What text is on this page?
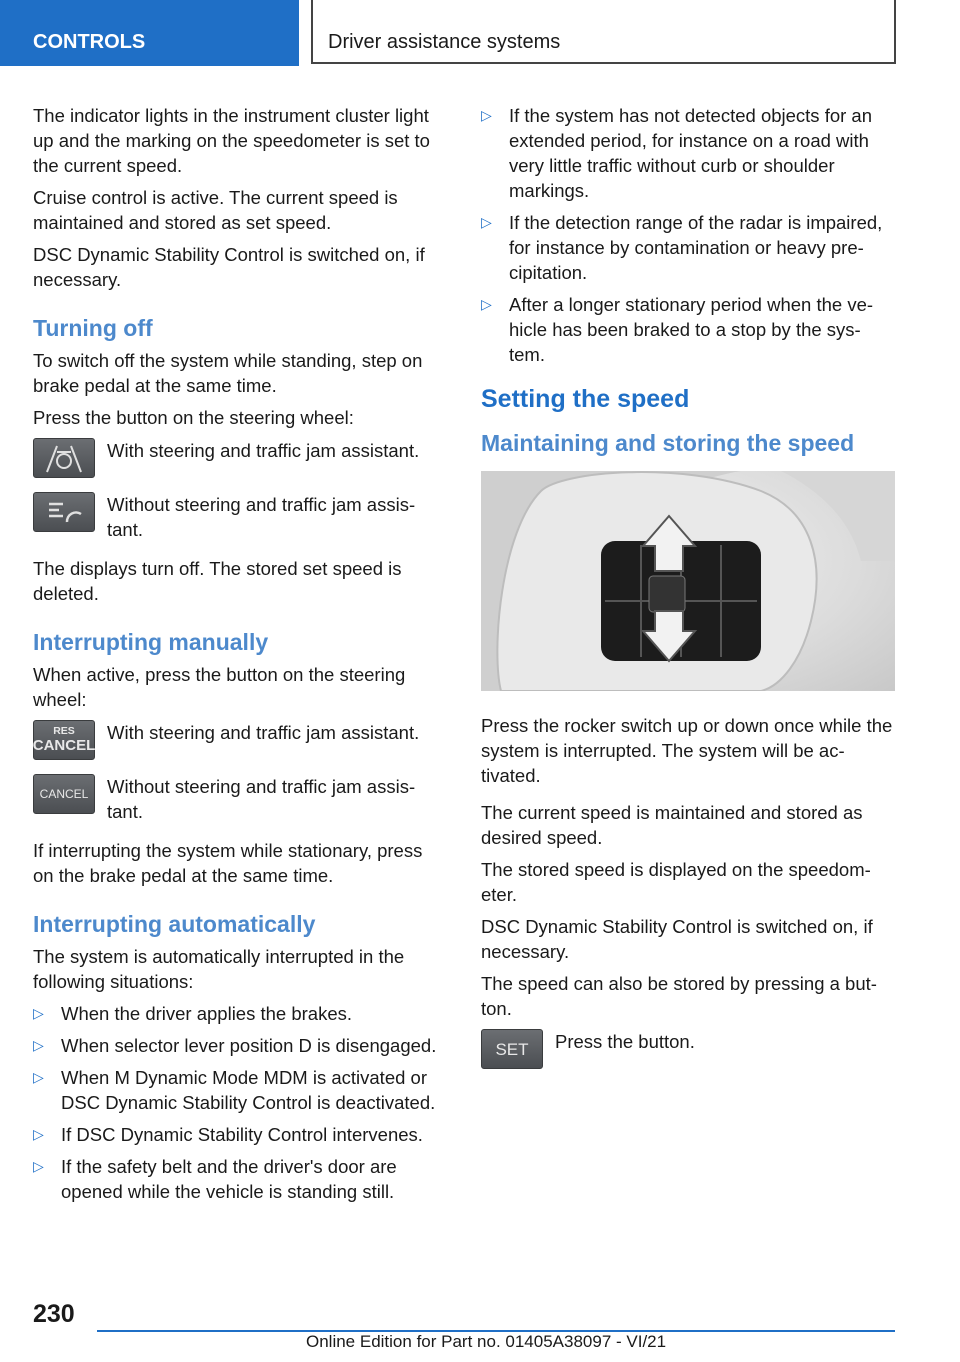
CONTROLS	Driver assistance systems

The indicator lights in the instrument cluster light up and the marking on the speedometer is set to the current speed.

Cruise control is active. The current speed is maintained and stored as set speed.

DSC Dynamic Stability Control is switched on, if necessary.

Turning off

To switch off the system while standing, step on brake pedal at the same time.

Press the button on the steering wheel:

With steering and traffic jam assistant.
Without steering and traffic jam assis-tant.

The displays turn off. The stored set speed is deleted.

Interrupting manually

When active, press the button on the steering wheel:

RES
CANCEL
With steering and traffic jam assistant.
CANCEL Without steering and traffic jam assis-tant.

If interrupting the system while stationary, press on the brake pedal at the same time.

Interrupting automatically

The system is automatically interrupted in the following situations:

▷ When the driver applies the brakes.
▷ When selector lever position D is disengaged.
▷ When M Dynamic Mode MDM is activated or DSC Dynamic Stability Control is deactivated.
▷ If DSC Dynamic Stability Control intervenes.
▷ If the safety belt and the driver's door are opened while the vehicle is standing still.
▷ If the system has not detected objects for an extended period, for instance on a road with very little traffic without curb or shoulder markings.
▷ If the detection range of the radar is impaired, for instance by contamination or heavy pre-cipitation.
▷ After a longer stationary period when the ve-hicle has been braked to a stop by the sys-tem.
Setting the speed
Maintaining and storing the speed

Press the rocker switch up or down once while the system is interrupted. The system will be ac-tivated.

The current speed is maintained and stored as desired speed.

The stored speed is displayed on the speedom-eter.

DSC Dynamic Stability Control is switched on, if necessary.

The speed can also be stored by pressing a but-ton.

SET Press the button.
230
Online Edition for Part no. 01405A38097 - VI/21
